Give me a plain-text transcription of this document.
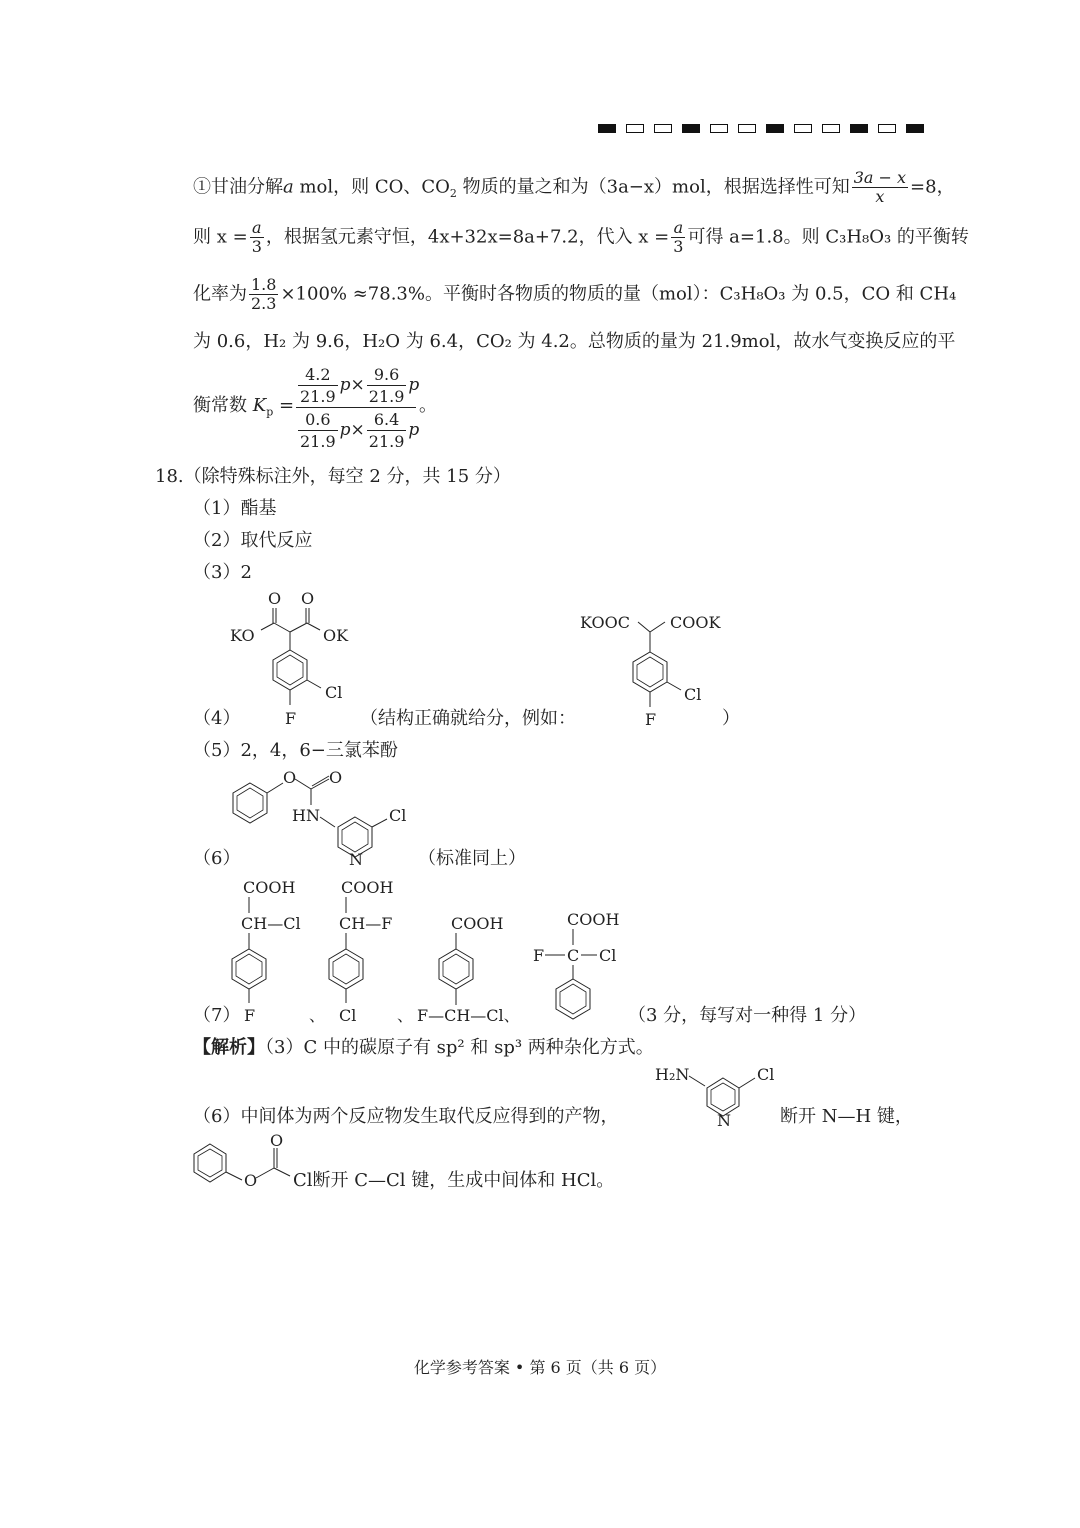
①甘油分解a mol，则 CO、$CO_2$ 物质的量之和为（3a−x）mol，根据选择性可知 $\frac{3a - x}{x} =8$，
则 $x = \frac{a}{3}$ ，根据氢元素守恒，4x+32x=8a+7.2，代入 $x = \frac{a}{3}$ 可得 a=1.8。则 C₃H₈O₃ 的平衡转
化率为 $\frac{1.8}{2.3} \times 100\% \approx 78.3\%$。平衡时各物质的物质的量（mol）：C₃H₈O₃ 为 0.5，CO 和 CH₄
为 0.6，H₂ 为 9.6，H₂O 为 6.4，CO₂ 为 4.2。总物质的量为 21.9mol，故水气变换反应的平
衡常数 $K_p = \frac{4.2}{21.9}$ $p \times \frac{9.6}{21.9}$ p
$\frac{0.6}{21.9}$ $p \times \frac{6.4}{21.9}$ p
。
18.（除特殊标注外，每空 2 分，共 15 分）
（1）酯基
（2）取代反应
（3）2
（4）	（结构正确就给分，例如：	）
O O
KO	OK
Cl
F
KOOC	COOK
Cl
F
（5）2，4，6−三氯苯酚
O O
HN	Cl
N
（6）	（标准同上）
COOH
CH—Cl
F	、
COOH
CH—F
Cl	、
COOH
F—CH—Cl、
COOH
F C Cl
（7）	（3 分，每写对一种得 1 分）
【解析】（3）C 中的碳原子有 sp² 和 sp³ 两种杂化方式。
H₂N	Cl
N
（6）中间体为两个反应物发生取代反应得到的产物，	断开 N—H 键，
O
O
Cl断开 C—Cl 键，生成中间体和 HCl。
化学参考答案 • 第 6 页（共 6 页）
